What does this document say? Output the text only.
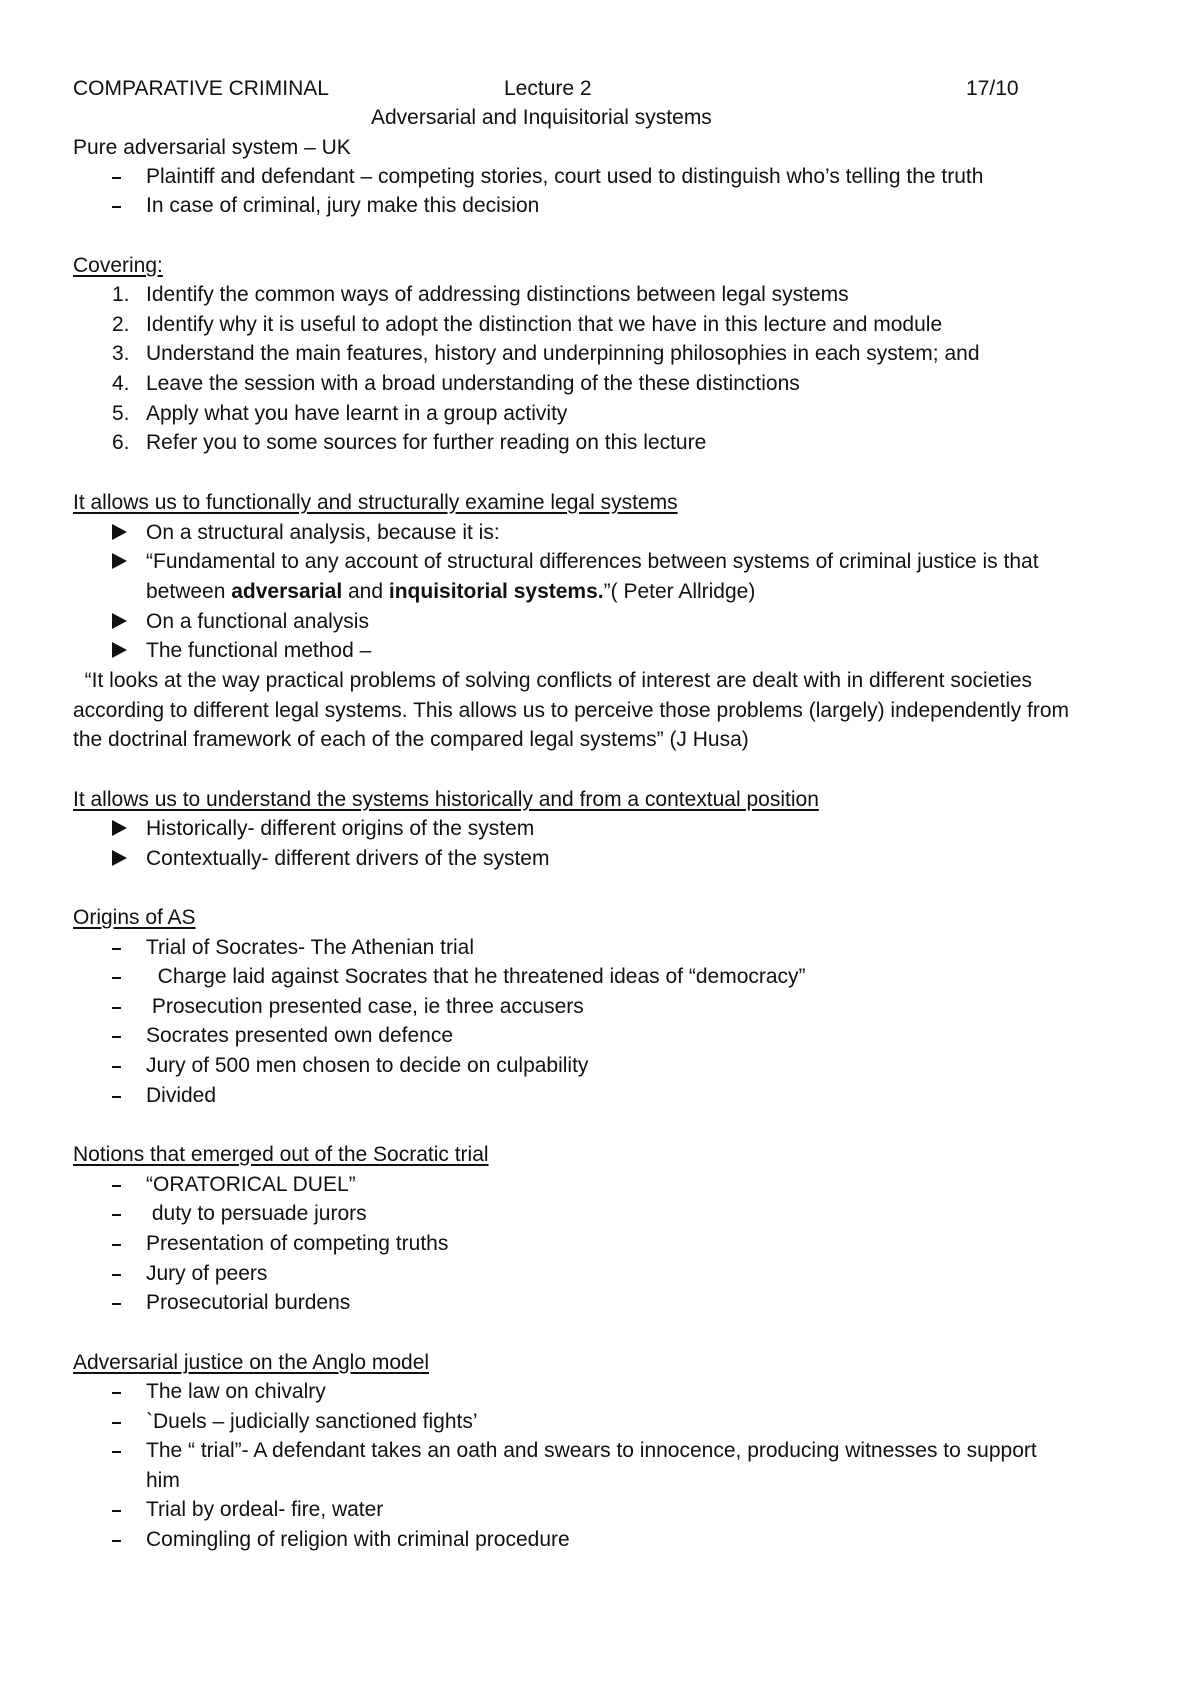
COMPARATIVE CRIMINAL	Lecture 2	17/10
Adversarial and Inquisitorial systems
Pure adversarial system – UK
Plaintiff and defendant – competing stories, court used to distinguish who’s telling the truth
In case of criminal, jury make this decision
Covering:
1. Identify the common ways of addressing distinctions between legal systems
2. Identify why it is useful to adopt the distinction that we have in this lecture and module
3. Understand the main features, history and underpinning philosophies in each system; and
4. Leave the session with a broad understanding of the these distinctions
5. Apply what you have learnt in a group activity
6. Refer you to some sources for further reading on this lecture
It allows us to functionally and structurally examine legal systems
On a structural analysis, because it is:
“Fundamental to any account of structural differences between systems of criminal justice is that
between adversarial and inquisitorial systems.”( Peter Allridge)
On a functional analysis
The functional method –
“It looks at the way practical problems of solving conflicts of interest are dealt with in different societies
according to different legal systems. This allows us to perceive those problems (largely) independently from
the doctrinal framework of each of the compared legal systems” (J Husa)
It allows us to understand the systems historically and from a contextual position
Historically- different origins of the system
Contextually- different drivers of the system
Origins of AS
Trial of Socrates- The Athenian trial
Charge laid against Socrates that he threatened ideas of “democracy”
Prosecution presented case, ie three accusers
Socrates presented own defence
Jury of 500 men chosen to decide on culpability
Divided
Notions that emerged out of the Socratic trial
“ORATORICAL DUEL”
duty to persuade jurors
Presentation of competing truths
Jury of peers
Prosecutorial burdens
Adversarial justice on the Anglo model
The law on chivalry
`Duels – judicially sanctioned fights’
The “ trial”- A defendant takes an oath and swears to innocence, producing witnesses to support
him
Trial by ordeal- fire, water
Comingling of religion with criminal procedure
